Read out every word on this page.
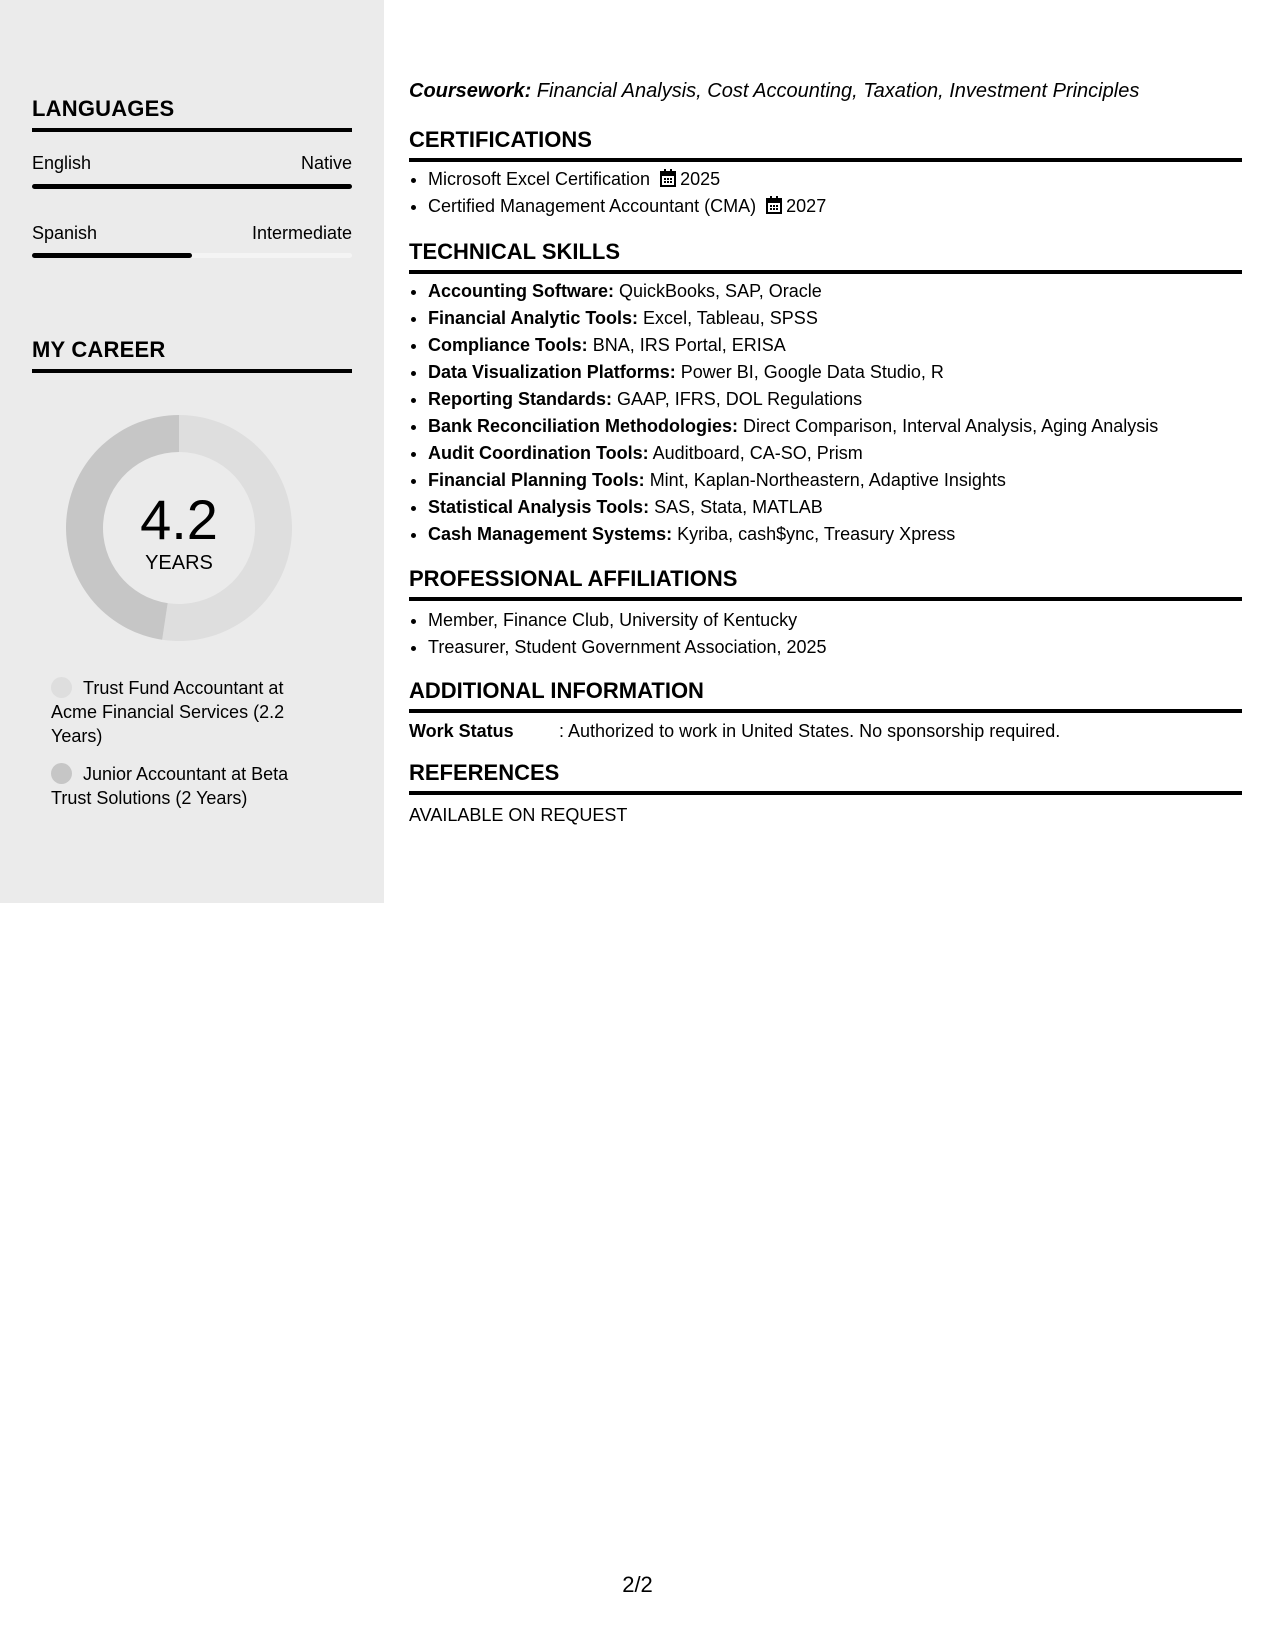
LANGUAGES
English	Native
Spanish	Intermediate
MY CAREER
4.2
YEARS
Trust Fund Accountant at Acme Financial Services (2.2 Years)
Junior Accountant at Beta Trust Solutions (2 Years)
Coursework: Financial Analysis, Cost Accounting, Taxation, Investment Principles
CERTIFICATIONS
• Microsoft Excel Certification 2025
• Certified Management Accountant (CMA) 2027
TECHNICAL SKILLS
• Accounting Software: QuickBooks, SAP, Oracle
• Financial Analytic Tools: Excel, Tableau, SPSS
• Compliance Tools: BNA, IRS Portal, ERISA
• Data Visualization Platforms: Power BI, Google Data Studio, R
• Reporting Standards: GAAP, IFRS, DOL Regulations
• Bank Reconciliation Methodologies: Direct Comparison, Interval Analysis, Aging Analysis
• Audit Coordination Tools: Auditboard, CA-SO, Prism
• Financial Planning Tools: Mint, Kaplan-Northeastern, Adaptive Insights
• Statistical Analysis Tools: SAS, Stata, MATLAB
• Cash Management Systems: Kyriba, cash$ync, Treasury Xpress
PROFESSIONAL AFFILIATIONS
• Member, Finance Club, University of Kentucky
• Treasurer, Student Government Association, 2025
ADDITIONAL INFORMATION
Work Status	: Authorized to work in United States. No sponsorship required.
REFERENCES
AVAILABLE ON REQUEST
2/2
